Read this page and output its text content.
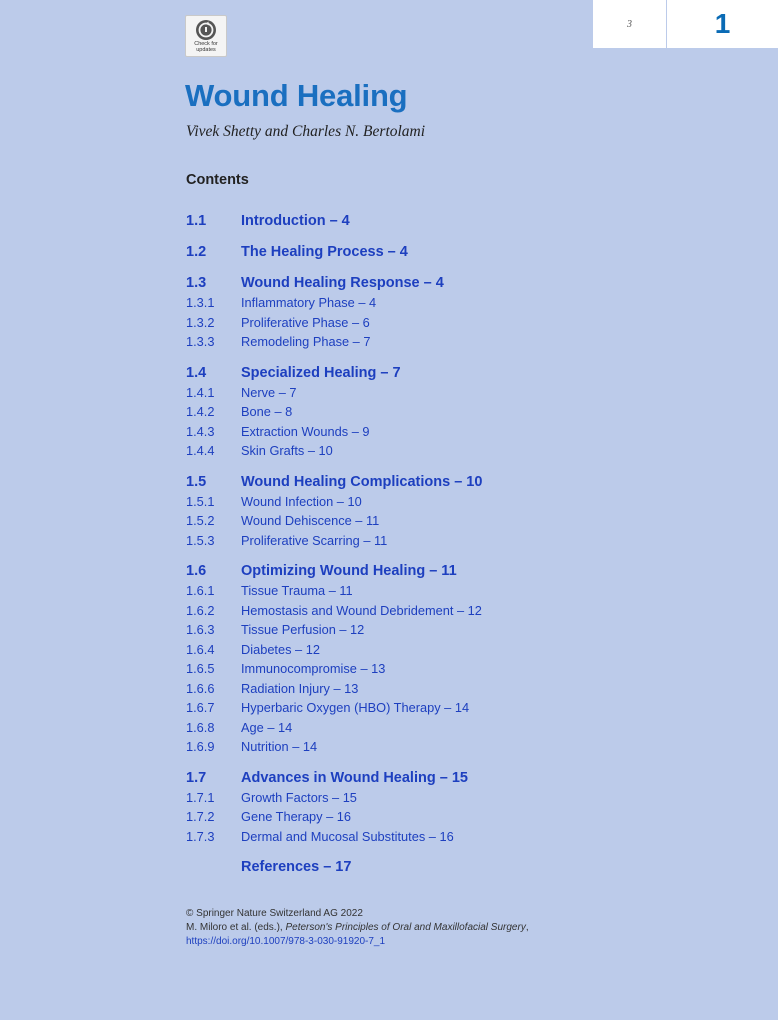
Check for updates
3	1
Wound Healing
Vivek Shetty and Charles N. Bertolami
Contents
1.1	Introduction – 4
1.2	The Healing Process – 4
1.3	Wound Healing Response – 4
1.3.1	Inflammatory Phase – 4
1.3.2	Proliferative Phase – 6
1.3.3	Remodeling Phase – 7
1.4	Specialized Healing – 7
1.4.1	Nerve – 7
1.4.2	Bone – 8
1.4.3	Extraction Wounds – 9
1.4.4	Skin Grafts – 10
1.5	Wound Healing Complications – 10
1.5.1	Wound Infection – 10
1.5.2	Wound Dehiscence – 11
1.5.3	Proliferative Scarring – 11
1.6	Optimizing Wound Healing – 11
1.6.1	Tissue Trauma – 11
1.6.2	Hemostasis and Wound Debridement – 12
1.6.3	Tissue Perfusion – 12
1.6.4	Diabetes – 12
1.6.5	Immunocompromise – 13
1.6.6	Radiation Injury – 13
1.6.7	Hyperbaric Oxygen (HBO) Therapy – 14
1.6.8	Age – 14
1.6.9	Nutrition – 14
1.7	Advances in Wound Healing – 15
1.7.1	Growth Factors – 15
1.7.2	Gene Therapy – 16
1.7.3	Dermal and Mucosal Substitutes – 16
References – 17
© Springer Nature Switzerland AG 2022
M. Miloro et al. (eds.), Peterson's Principles of Oral and Maxillofacial Surgery,
https://doi.org/10.1007/978-3-030-91920-7_1
